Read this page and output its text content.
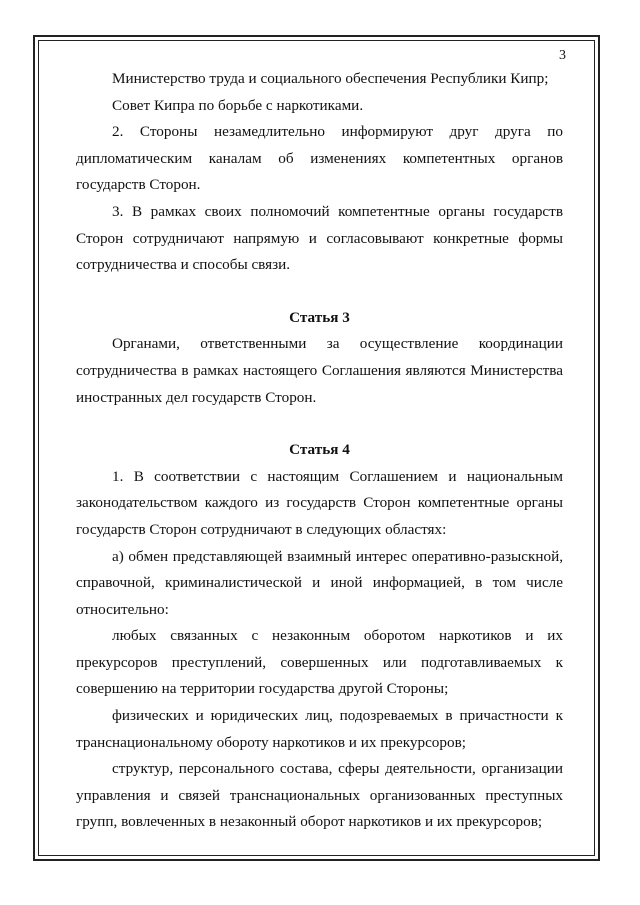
3

Министерство труда и социального обеспечения Республики Кипр;

Совет Кипра по борьбе с наркотиками.

2. Стороны незамедлительно информируют друг друга по дипломатическим каналам об изменениях компетентных органов государств Сторон.

3. В рамках своих полномочий компетентные органы государств Сторон сотрудничают напрямую и согласовывают конкретные формы сотрудничества и способы связи.

Статья 3

Органами, ответственными за осуществление координации сотрудничества в рамках настоящего Соглашения являются Министерства иностранных дел государств Сторон.

Статья 4

1. В соответствии с настоящим Соглашением и национальным законодательством каждого из государств Сторон компетентные органы государств Сторон сотрудничают в следующих областях:

а) обмен представляющей взаимный интерес оперативно-разыскной, справочной, криминалистической и иной информацией, в том числе относительно:

любых связанных с незаконным оборотом наркотиков и их прекурсоров преступлений, совершенных или подготавливаемых к совершению на территории государства другой Стороны;

физических и юридических лиц, подозреваемых в причастности к транснациональному обороту наркотиков и их прекурсоров;

структур, персонального состава, сферы деятельности, организации управления и связей транснациональных организованных преступных групп, вовлеченных в незаконный оборот наркотиков и их прекурсоров;
